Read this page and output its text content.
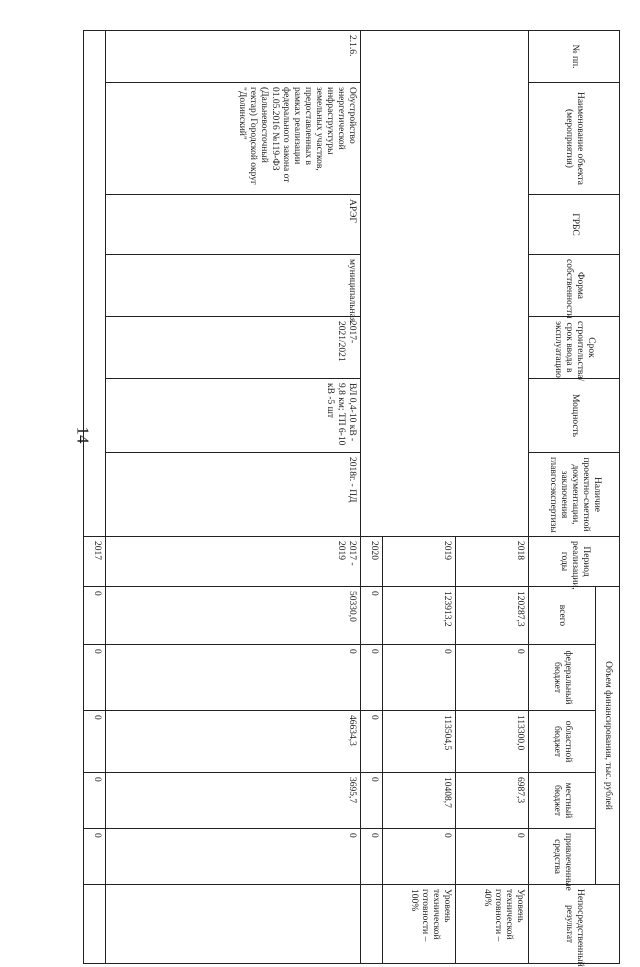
14
№ пп.	Наименование объекта (мероприятия)	ГРБС	Форма собственности	Срок строительства/срок ввода в эксплуатацию	Мощность	Наличие проектно-сметной документации, заключения главгосэкспертизы	Период реализации, годы	Объем финансирования, тыс. рублей					Непосредственный результат
								всего	федеральный бюджет	областной бюджет	местный бюджет	привлеченные средства	
							2018	120287,3	0	113300,0	6987,3	0	Уровень технической готовности – 40%
							2019	123913,2	0	113504,5	10408,7	0	Уровень технической готовности – 100%
							2020	0	0	0	0	0	
2.1.6.	Обустройство энергетической инфраструктуры земельных участков, предоставленных в рамках реализации федерального закона от 01.05.2016 №119-ФЗ (Дальневосточный гектар) Городской округ "Долинский"	АРЭГ	муниципальная	2017-2021/2021	ВЛ 0,4-10 кВ - 9,8 км; ТП 6-10 кВ -5 шт	2018г. - ПД	2017 - 2019	50330,0	0	46634,3	3695,7	0	
							2017	0	0	0	0	0	
